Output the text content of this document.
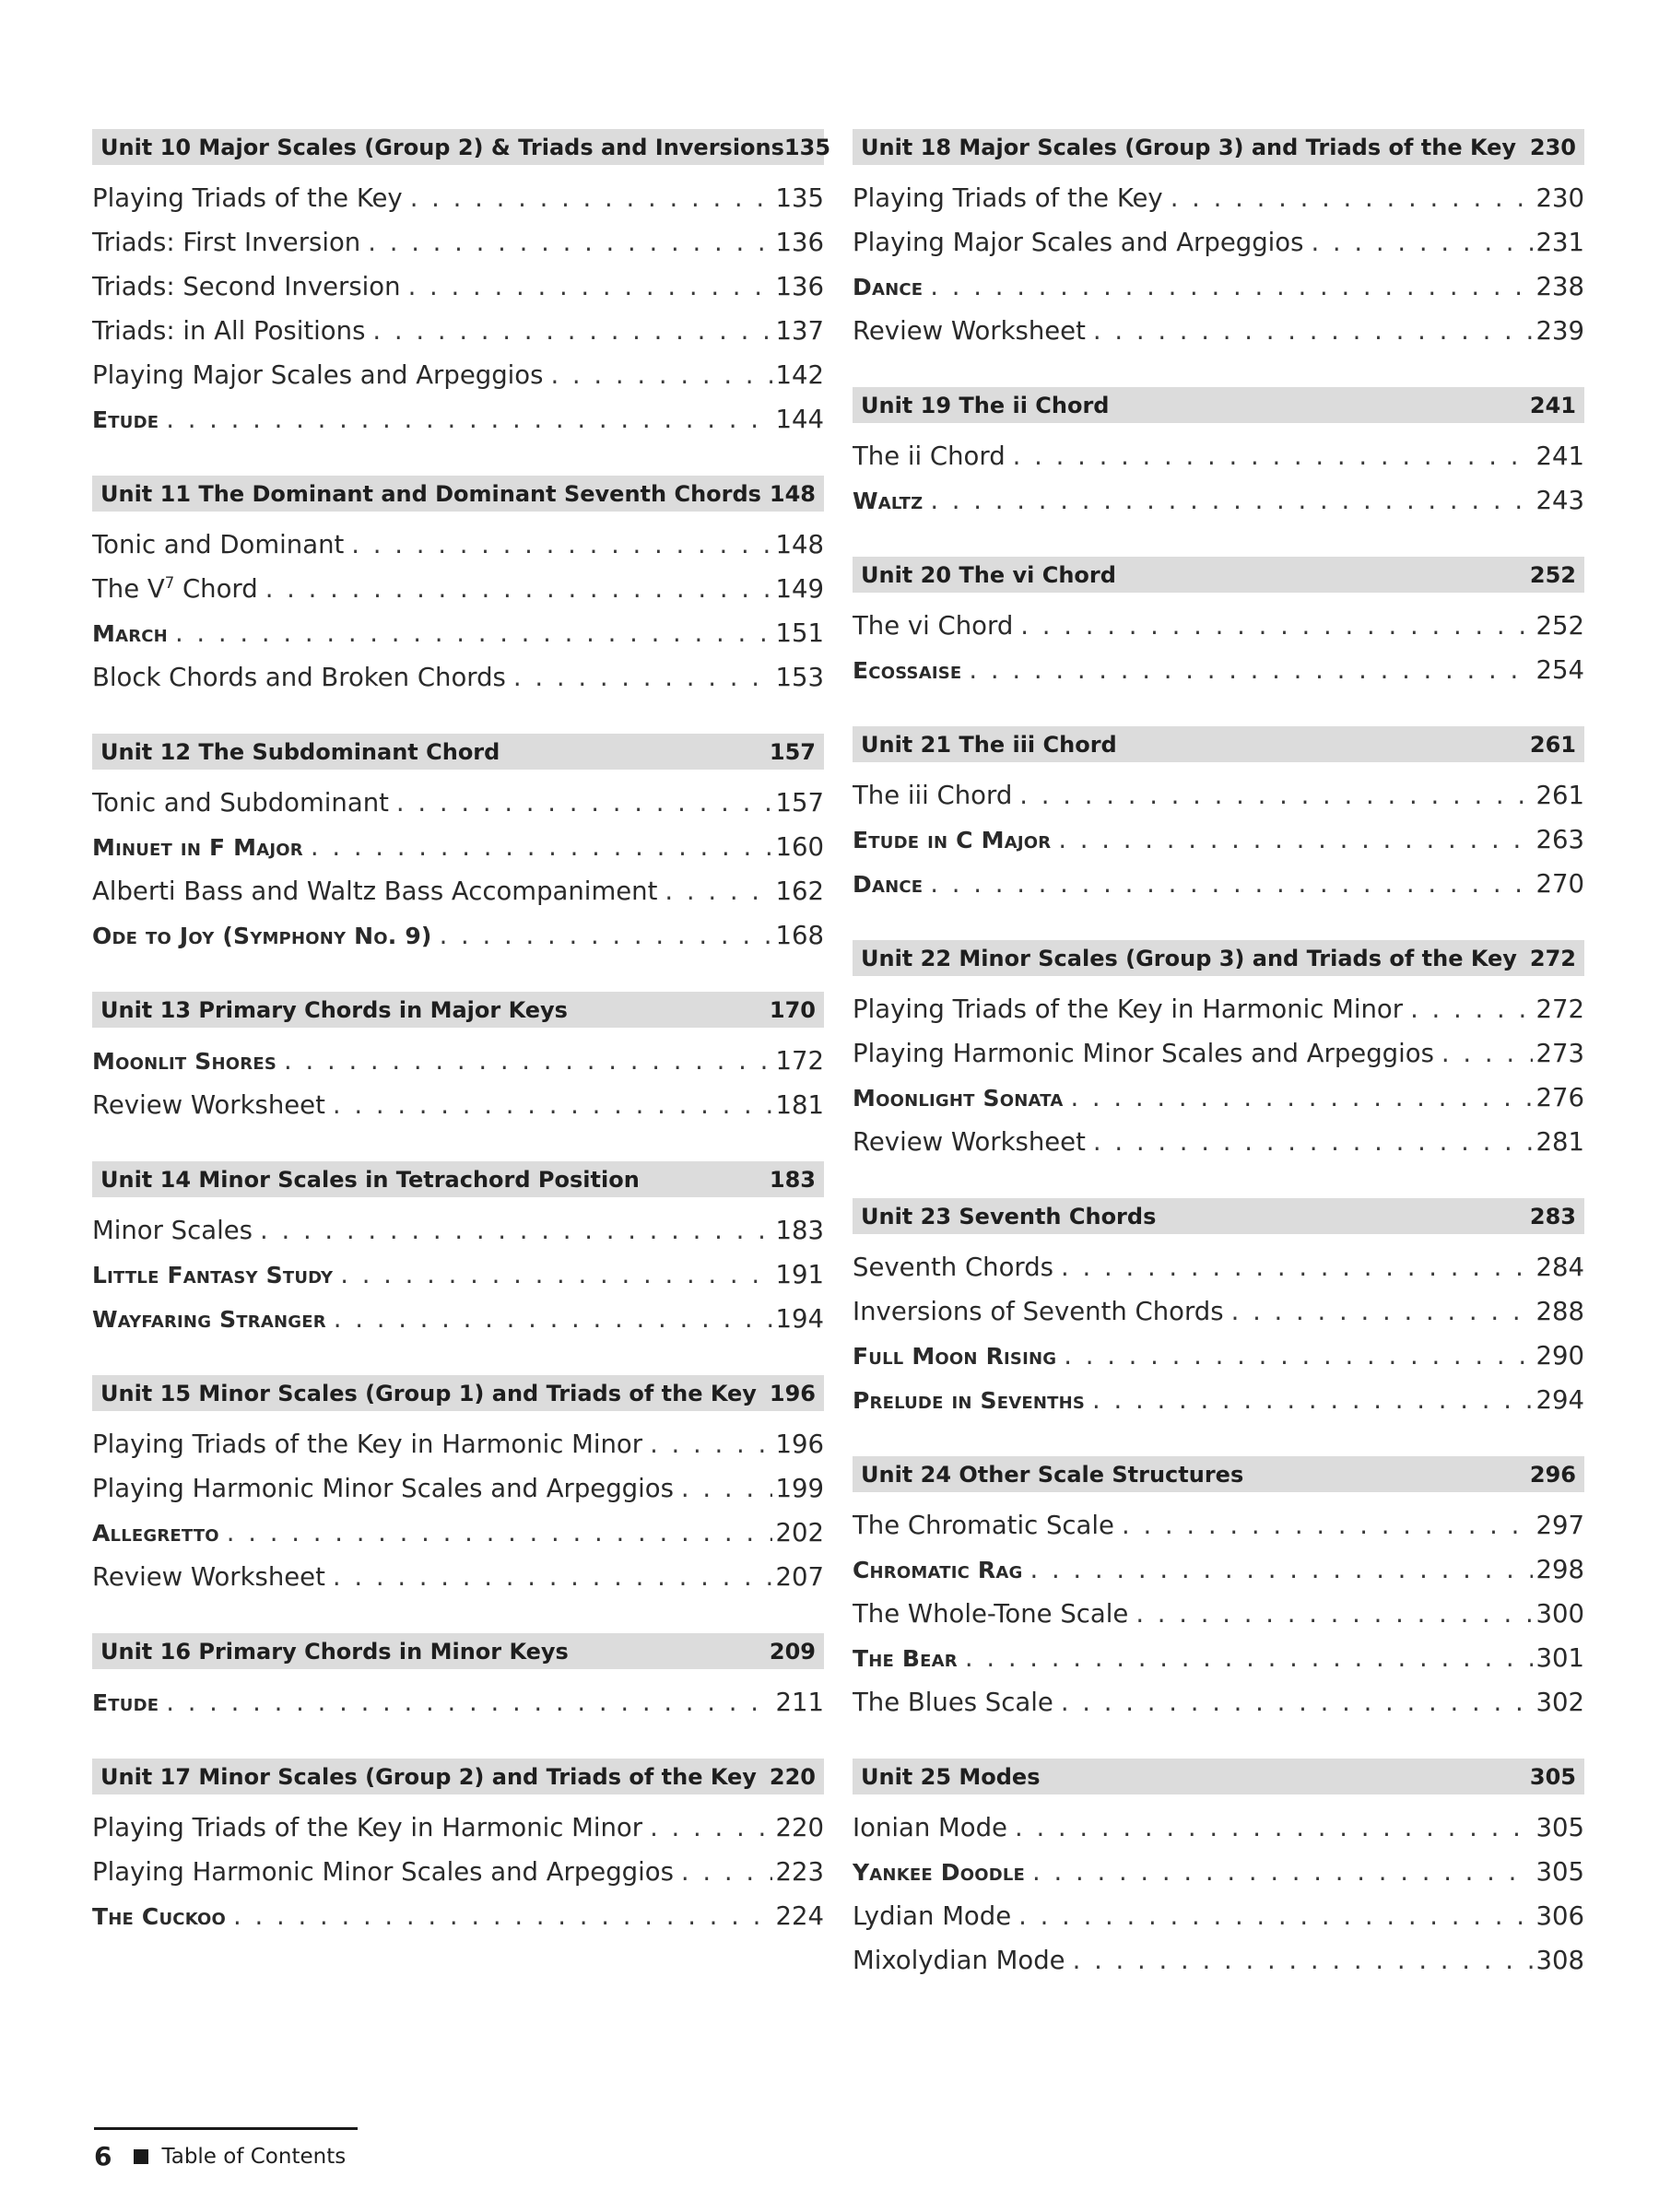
Unit 10 Major Scales (Group 2) & Triads and Inversions 135
Playing Triads of the Key . . .	135
Triads: First Inversion . . .	136
Triads: Second Inversion . . .	136
Triads: in All Positions . . .	137
Playing Major Scales and Arpeggios . . .	142
Etude . . .	144
Unit 11 The Dominant and Dominant Seventh Chords 148
Tonic and Dominant . . .	148
The $V^7$ Chord . . .	149
March . . .	151
Block Chords and Broken Chords . . .	153
Unit 12 The Subdominant Chord	157
Tonic and Subdominant . . .	157
Minuet in F Major . . .	160
Alberti Bass and Waltz Bass Accompaniment . . .	162
Ode to Joy (Symphony No. 9) . . .	168
Unit 13 Primary Chords in Major Keys	170
Moonlit Shores . . .	172
Review Worksheet . . .	181
Unit 14 Minor Scales in Tetrachord Position	183
Minor Scales . . .	183
Little Fantasy Study . . .	191
Wayfaring Stranger . . .	194
Unit 15 Minor Scales (Group 1) and Triads of the Key 196
Playing Triads of the Key in Harmonic Minor . . .	196
Playing Harmonic Minor Scales and Arpeggios . . .	199
Allegretto . . .	202
Review Worksheet . . .	207
Unit 16 Primary Chords in Minor Keys	209
Etude . . .	211
Unit 17 Minor Scales (Group 2) and Triads of the Key 220
Playing Triads of the Key in Harmonic Minor . . .	220
Playing Harmonic Minor Scales and Arpeggios . . .	223
The Cuckoo . . .	224
Unit 18 Major Scales (Group 3) and Triads of the Key 230
Playing Triads of the Key . . .	230
Playing Major Scales and Arpeggios . . .	231
Dance . . .	238
Review Worksheet . . .	239
Unit 19 The ii Chord	241
The ii Chord . . .	241
Waltz . . .	243
Unit 20 The vi Chord	252
The vi Chord . . .	252
Ecossaise . . .	254
Unit 21 The iii Chord	261
The iii Chord . . .	261
Etude in C Major . . .	263
Dance . . .	270
Unit 22 Minor Scales (Group 3) and Triads of the Key 272
Playing Triads of the Key in Harmonic Minor . . .	272
Playing Harmonic Minor Scales and Arpeggios . . .	273
Moonlight Sonata . . .	276
Review Worksheet . . .	281
Unit 23 Seventh Chords	283
Seventh Chords . . .	284
Inversions of Seventh Chords . . .	288
Full Moon Rising . . .	290
Prelude in Sevenths . . .	294
Unit 24 Other Scale Structures	296
The Chromatic Scale . . .	297
Chromatic Rag . . .	298
The Whole-Tone Scale . . .	300
The Bear . . .	301
The Blues Scale . . .	302
Unit 25 Modes	305
Ionian Mode . . .	305
Yankee Doodle . . .	305
Lydian Mode . . .	306
Mixolydian Mode . . .	308
6 Table of Contents
